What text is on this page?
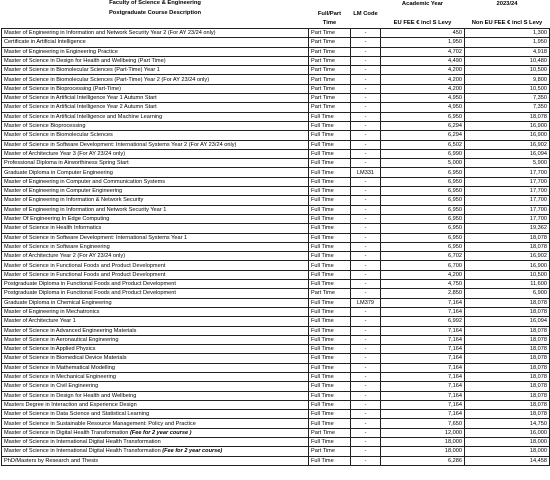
Faculty of Science & Engineering			Academic Year	2023/24
Postgraduate Course Description	Full/Part	LM Code		
	Time		EU FEE € incl S Levy	Non EU FEE € incl S Levy
Master of Engineering in Information and Network Security Year 2 (For AY 23/24 only)	Part Time	-	450	1,300
Certificate in Artificial Intelligence	Part Time	-	1,950	1,950
Master of Engineering in Engineering Practice	Part Time	-	4,702	4,918
Master of Science in Design for Health and Wellbeing (Part Time)	Part Time	-	4,490	10,480
Master of Science in Biomolecular Sciences (Part-Time) Year 1	Part Time	-	4,200	10,500
Master of Science in Biomolecular Sciences (Part-Time) Year 2 (For AY 23/24 only)	Part Time	-	4,200	9,800
Master of Science in Bioprocessing (Part-Time)	Part Time	-	4,200	10,500
Master of Science in Artificial Intelligence Year 1 Autumn Start	Part Time	-	4,950	7,350
Master of Science in Artificial Intelligence Year 2 Autumn Start	Part Time	-	4,950	7,350
Master of Science in Artificial Intelligence and Machine Learning	Full Time	-	6,950	18,078
Master of Science Bioprocessing	Full Time	-	6,294	16,900
Master of Science in Biomolecular Sciences	Full Time	-	6,294	16,900
Master of Science in Software Development: International Systems Year 2 (For AY 23/24 only)	Full Time	-	6,502	16,902
Master of Architecture Year 3 (For AY 23/24 only)	Full Time	-	6,990	16,094
Professional Diploma in Airworthiness Spring Start	Full Time	-	5,000	5,900
Graduate Diploma in Computer Engineering	Full Time	LM331	6,950	17,700
Master of Engineering in Computer and Communication Systems	Full Time	-	6,950	17,700
Master of Engineering in Computer Engineering	Full Time	-	6,950	17,700
Master of Engineering in Information & Network Security	Full Time	-	6,950	17,700
Master of Engineering in Information and Network Security Year 1	Full Time	-	6,950	17,700
Master Of Engineering In Edge Computing	Full Time	-	6,950	17,700
Master of Science in Health Informatics	Full Time	-	6,950	19,362
Master of Science in Software Development: International Systems Year 1	Full Time	-	6,950	18,078
Master of Science in Software Engineering	Full Time	-	6,950	18,078
Master of Architecture Year 2 (For AY 23/24 only)	Full Time	-	6,702	16,902
Master of Science in Functional Foods and Product Development	Full Time	-	6,700	16,900
Master of Science in Functional Foods and Product Development	Full Time	-	4,200	10,500
Postgraduate Diploma in Functional Foods and Product Development	Full Time	-	4,750	11,600
Postgraduate Diploma in Functional Foods and Product Development	Part Time	-	2,850	6,900
Graduate Diploma in Chemical Engineering	Full Time	LM379	7,164	18,078
Master of Engineering in Mechatronics	Full Time	-	7,164	18,078
Master of Architecture Year 1	Full Time	-	6,992	16,094
Master of Science in Advanced Engineering Materials	Full Time	-	7,164	18,078
Master of Science in Aeronautical Engineering	Full Time	-	7,164	18,078
Master of Science in Applied Physics	Full Time	-	7,164	18,078
Master of Science in Biomedical Device Materials	Full Time	-	7,164	18,078
Master of Science in Mathematical Modelling	Full Time	-	7,164	18,078
Master of Science in Mechanical Engineering	Full Time	-	7,164	18,078
Master of Science in Civil Engineering	Full Time	-	7,164	18,078
Master of Science in Design for Health and Wellbeing	Full Time	-	7,164	18,078
Masters Degree in Interaction and Experience Design	Full Time	-	7,164	18,078
Master of Science in Data Science and Statistical Learning	Full Time	-	7,164	18,078
Master of Science in Sustainable Resource Management: Policy and Practice	Full Time	-	7,650	14,750
Master of Science in Digital Health Transformation (Fee for 2 year course )	Part Time	-	12,000	16,000
Master of Science in International Digital Health Transformation	Full Time	-	18,000	18,000
Master of Science in International Digital Health Transformation (Fee for 2 year course)	Part Time	-	18,000	18,000
PhD/Masters by Research and Thesis	Full Time	-	6,286	14,458
